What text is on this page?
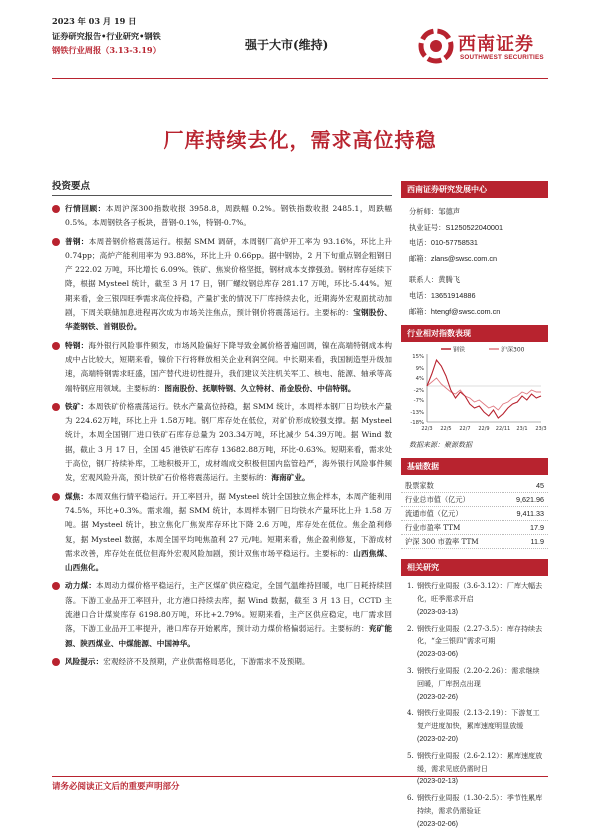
2023 年 03 月 19 日
证券研究报告•行业研究•钢铁
钢铁行业周报（3.13-3.19）	强于大市(维持)	西南证券
SOUTHWEST SECURITIES
厂库持续去化，需求高位持稳
投资要点
行情回顾：本周沪深300指数收报 3958.8，周跌幅 0.2%。钢铁指数收报 2485.1，周跌幅 0.5%。本周钢铁各子板块，普钢-0.1%，特钢-0.7%。
普钢：本周普钢价格震荡运行。根据 SMM 调研，本周钢厂高炉开工率为 93.16%，环比上升 0.74pp；高炉产能利用率为 93.88%，环比上升 0.66pp。据中钢协，2 月下旬重点钢企粗钢日产 222.02 万吨，环比增长 6.09%。铁矿、焦炭价格坚挺，钢材成本支撑强劲。钢材库存延续下降，根据 Mysteel 统计，截至 3 月 17 日，钢厂螺纹钢总库存 281.17 万吨，环比-5.44%。短期来看，金三银四旺季需求高位持稳，产量扩张的情况下厂库持续去化，近期海外宏观面扰动加剧，下周关联储加息进程再次成为市场关注焦点，预计钢价将震荡运行。主要标的：宝钢股份、华菱钢铁、首钢股份。
特钢：海外银行风险事件频发，市场风险偏好下降导致金属价格普遍回调，镍在高端特钢成本构成中占比较大，短期来看，镍价下行将释放相关企业利润空间。中长期来看，我国制造型升级加速，高端特钢需求旺盛，国产替代进切性提升，我们建议关注机关军工、核电、能源、轴承等高端特钢应用领域。主要标的：图南股份、抚顺特钢、久立特材、甬金股份、中信特钢。
铁矿：本周铁矿价格震荡运行。铁水产量高位持稳，据 SMM 统计，本周样本钢厂日均铁水产量为 224.62万吨，环比上升 1.58万吨。钢厂库存处在低位，对矿价形成较强支撑。据 Mysteel 统计，本周全国钢厂进口铁矿石库存总量为 203.34万吨，环比减少 54.39万吨。据 Wind 数据，截止 3 月 17 日，全国 45 港铁矿石库存 13682.88万吨，环比-0.63%。短期来看，需求处于高位，钢厂持续补库，工地积极开工，成材端成交积极但国内监管趋严，海外银行风险事件频发，宏观风险升高，预计铁矿石价格将震荡运行。主要标的：海南矿业。
煤焦：本周双焦行情平稳运行。开工率回升，据 Mysteel 统计全国独立焦企样本，本周产能利用 74.5%，环比+0.3%。需求端，据 SMM 统计，本周样本钢厂日均铁水产量环比上升 1.58 万吨。据 Mysteel 统计，独立焦化厂焦炭库存环比下降 2.6 万吨，库存处在低位。焦企盈利修复，据 Mysteel 数据，本周全国平均吨焦盈利 27 元/吨。短期来看，焦企盈利修复，下游成材需求改善，库存处在低位但海外宏观风险加剧，预计双焦市场平稳运行。主要标的：山西焦煤、山西焦化。
动力煤：本周动力煤价格平稳运行，主产区煤矿供应稳定，全国气温维持回暖，电厂日耗持续回落。下游工业品开工率回升，北方港口持续去库，据 Wind 数据，截至 3 月 13 日，CCTD 主流港口合计煤炭库存 6198.80万吨，环比+2.79%。短期来看，主产区供应稳定，电厂需求回落，下游工业品开工率提升，港口库存开始累库，预计动力煤价格偏弱运行。主要标的：兖矿能源、陕西煤业、中煤能源、中国神华。
风险提示：宏观经济不及预期，产业供需格局恶化，下游需求不及预期。
西南证券研究发展中心
分析师：邹德声
执业证号：S1250522040001
电话：010-57758531
邮箱：zlans@swsc.com.cn
联系人：黄腾飞
电话：13651914886
邮箱：htengf@swsc.com.cn
行业相对指数表现
钢铁	沪深300
15%
9%
4%
-2%
-7%
-13%
-18%
22/3 22/5 22/7 22/9 22/11 23/1 23/3
数据来源：聚源数据
基础数据
股票家数	45
行业总市值（亿元）	9,621.96
流通市值（亿元）	9,411.33
行业市盈率 TTM	17.9
沪深 300 市盈率 TTM	11.9
相关研究
1. 钢铁行业周报（3.6-3.12）：厂库大幅去化，旺季需求开启
(2023-03-13)
2. 钢铁行业周报（2.27-3.5）：库存持续去化，“金三银四”需求可期
(2023-03-06)
3. 钢铁行业周报（2.20-2.26）：需求继续回暖，厂库拐点出现
(2023-02-26)
4. 钢铁行业周报（2.13-2.19）：下游复工复产进度加快，累库速度明显放缓
(2023-02-20)
5. 钢铁行业周报（2.6-2.12）：累库速度放缓，需求见底仍需时日
(2023-02-13)
6. 钢铁行业周报（1.30-2.5）：季节性累库持续，需求仍需验证
(2023-02-06)
请务必阅读正文后的重要声明部分
